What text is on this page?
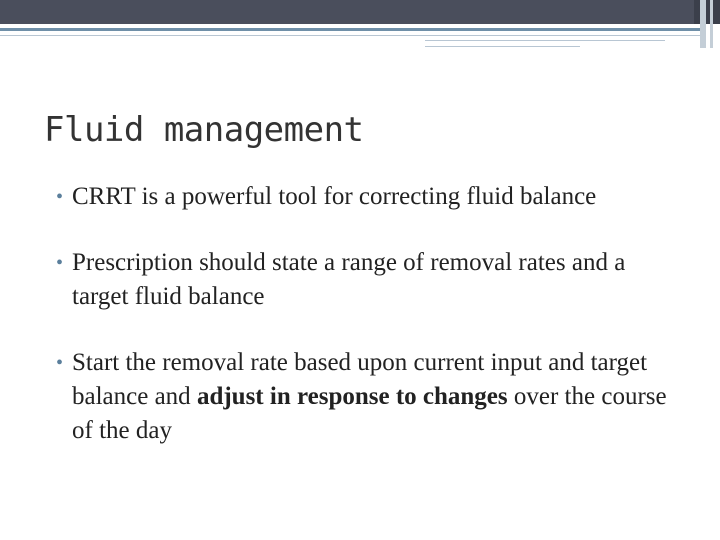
Fluid management
• CRRT is a powerful tool for correcting fluid balance
• Prescription should state a range of removal rates and a target fluid balance
• Start the removal rate based upon current input and target balance and adjust in response to changes over the course of the day
